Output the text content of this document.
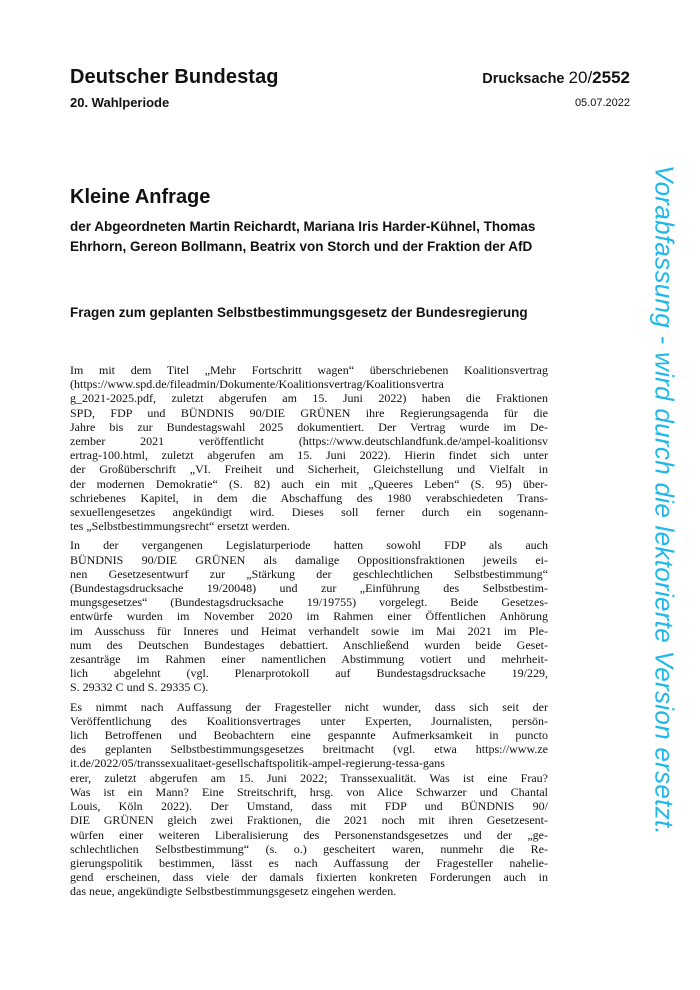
Deutscher Bundestag
20. Wahlperiode
Drucksache 20/2552
05.07.2022
Kleine Anfrage
der Abgeordneten Martin Reichardt, Mariana Iris Harder-Kühnel, Thomas Ehrhorn, Gereon Bollmann, Beatrix von Storch und der Fraktion der AfD
Fragen zum geplanten Selbstbestimmungsgesetz der Bundesregierung

Im mit dem Titel „Mehr Fortschritt wagen“ überschriebenen Koalitionsvertrag
(https://www.spd.de/fileadmin/Dokumente/Koalitionsvertrag/Koalitionsvertra
g_2021-2025.pdf, zuletzt abgerufen am 15. Juni 2022) haben die Fraktionen
SPD, FDP und BÜNDNIS 90/DIE GRÜNEN ihre Regierungsagenda für die
Jahre bis zur Bundestagswahl 2025 dokumentiert. Der Vertrag wurde im De-
zember 2021 veröffentlicht (https://www.deutschlandfunk.de/ampel-koalitionsv
ertrag-100.html, zuletzt abgerufen am 15. Juni 2022). Hierin findet sich unter
der Großüberschrift „VI. Freiheit und Sicherheit, Gleichstellung und Vielfalt in
der modernen Demokratie“ (S. 82) auch ein mit „Queeres Leben“ (S. 95) über-
schriebenes Kapitel, in dem die Abschaffung des 1980 verabschiedeten Trans-
sexuellengesetzes angekündigt wird. Dieses soll ferner durch ein sogenann-
tes „Selbstbestimmungsrecht“ ersetzt werden.

In der vergangenen Legislaturperiode hatten sowohl FDP als auch
BÜNDNIS 90/DIE GRÜNEN als damalige Oppositionsfraktionen jeweils ei-
nen Gesetzesentwurf zur „Stärkung der geschlechtlichen Selbstbestimmung“
(Bundestagsdrucksache 19/20048) und zur „Einführung des Selbstbestim-
mungsgesetzes“ (Bundestagsdrucksache 19/19755) vorgelegt. Beide Gesetzes-
entwürfe wurden im November 2020 im Rahmen einer Öffentlichen Anhörung
im Ausschuss für Inneres und Heimat verhandelt sowie im Mai 2021 im Ple-
num des Deutschen Bundestages debattiert. Anschließend wurden beide Geset-
zesanträge im Rahmen einer namentlichen Abstimmung votiert und mehrheit-
lich abgelehnt (vgl. Plenarprotokoll auf Bundestagsdrucksache 19/229,
S. 29332 C und S. 29335 C).

Es nimmt nach Auffassung der Fragesteller nicht wunder, dass sich seit der
Veröffentlichung des Koalitionsvertrages unter Experten, Journalisten, persön-
lich Betroffenen und Beobachtern eine gespannte Aufmerksamkeit in puncto
des geplanten Selbstbestimmungsgesetzes breitmacht (vgl. etwa https://www.ze
it.de/2022/05/transsexualitaet-gesellschaftspolitik-ampel-regierung-tessa-gans
erer, zuletzt abgerufen am 15. Juni 2022; Transsexualität. Was ist eine Frau?
Was ist ein Mann? Eine Streitschrift, hrsg. von Alice Schwarzer und Chantal
Louis, Köln 2022). Der Umstand, dass mit FDP und BÜNDNIS 90/
DIE GRÜNEN gleich zwei Fraktionen, die 2021 noch mit ihren Gesetzesent-
würfen einer weiteren Liberalisierung des Personenstandsgesetzes und der „ge-
schlechtlichen Selbstbestimmung“ (s. o.) gescheitert waren, nunmehr die Re-
gierungspolitik bestimmen, lässt es nach Auffassung der Fragesteller nahelie-
gend erscheinen, dass viele der damals fixierten konkreten Forderungen auch in
das neue, angekündigte Selbstbestimmungsgesetz eingehen werden.

Vorabfassung - wird durch die lektorierte Version ersetzt.
